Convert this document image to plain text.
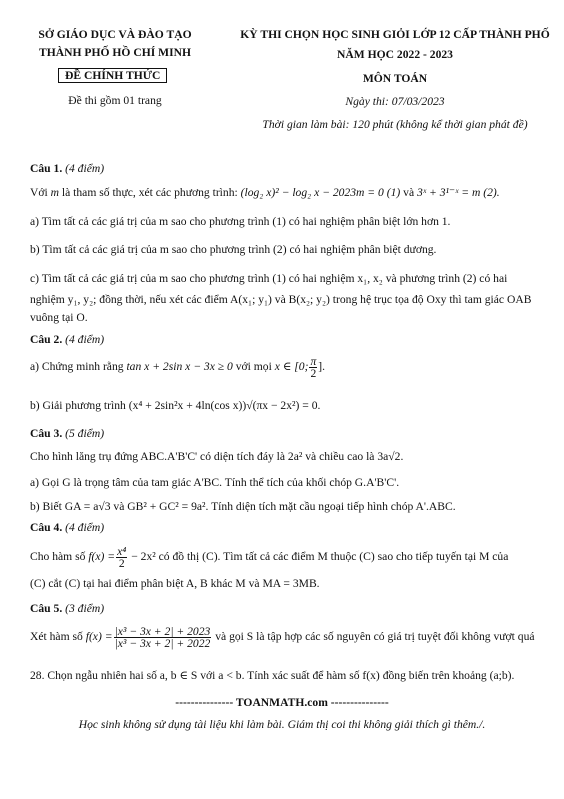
SỞ GIÁO DỤC VÀ ĐÀO TẠO
THÀNH PHỐ HỒ CHÍ MINH
ĐỀ CHÍNH THỨC
Đề thi gồm 01 trang
KỲ THI CHỌN HỌC SINH GIỎI LỚP 12 CẤP THÀNH PHỐ
NĂM HỌC 2022 - 2023
MÔN TOÁN
Ngày thi: 07/03/2023
Thời gian làm bài: 120 phút (không kể thời gian phát đề)
Câu 1. (4 điểm)
Với m là tham số thực, xét các phương trình: (log₂ x)² − log₂ x − 2023m = 0 (1) và 3ˣ + 3¹⁻ˣ = m (2).
a) Tìm tất cả các giá trị của m sao cho phương trình (1) có hai nghiệm phân biệt lớn hơn 1.
b) Tìm tất cả các giá trị của m sao cho phương trình (2) có hai nghiệm phân biệt dương.
c) Tìm tất cả các giá trị của m sao cho phương trình (1) có hai nghiệm x₁, x₂ và phương trình (2) có hai
nghiệm y₁, y₂; đồng thời, nếu xét các điểm A(x₁; y₁) và B(x₂; y₂) trong hệ trục tọa độ Oxy thì tam giác OAB
vuông tại O.
Câu 2. (4 điểm)
a) Chứng minh rằng tan x + 2sin x − 3x ≥ 0 với mọi x ∈ [0; $\frac{\pi}{2}$ ].
b) Giải phương trình (x⁴ + 2sin²x + 4ln(cos x))√(πx − 2x²) = 0.
Câu 3. (5 điểm)
Cho hình lăng trụ đứng ABC.A'B'C' có diện tích đáy là 2a² và chiều cao là 3a√2.
a) Gọi G là trọng tâm của tam giác A'BC. Tính thể tích của khối chóp G.A'B'C'.
b) Biết GA = a√3 và GB² + GC² = 9a². Tính diện tích mặt cầu ngoại tiếp hình chóp A'.ABC.
Câu 4. (4 điểm)
Cho hàm số $f(x) = \frac{\text{x⁴}}{2} - 2x^2$ có đồ thị (C). Tìm tất cả các điểm M thuộc (C) sao cho tiếp tuyến tại M của
(C) cắt (C) tại hai điểm phân biệt A, B khác M và MA = 3MB.
Câu 5. (3 điểm)
Xét hàm số $f(x) = \frac{\text{|x³ − 3x + 2| + 2023}}{\text{|x³ − 3x + 2| + 2022}}$ và gọi S là tập hợp các số nguyên có giá trị tuyệt đối không vượt quá
28. Chọn ngẫu nhiên hai số a, b ∈ S với a < b. Tính xác suất để hàm số f(x) đồng biến trên khoảng (a;b).
--------------- TOANMATH.com ---------------
Học sinh không sử dụng tài liệu khi làm bài. Giám thị coi thi không giải thích gì thêm./.
